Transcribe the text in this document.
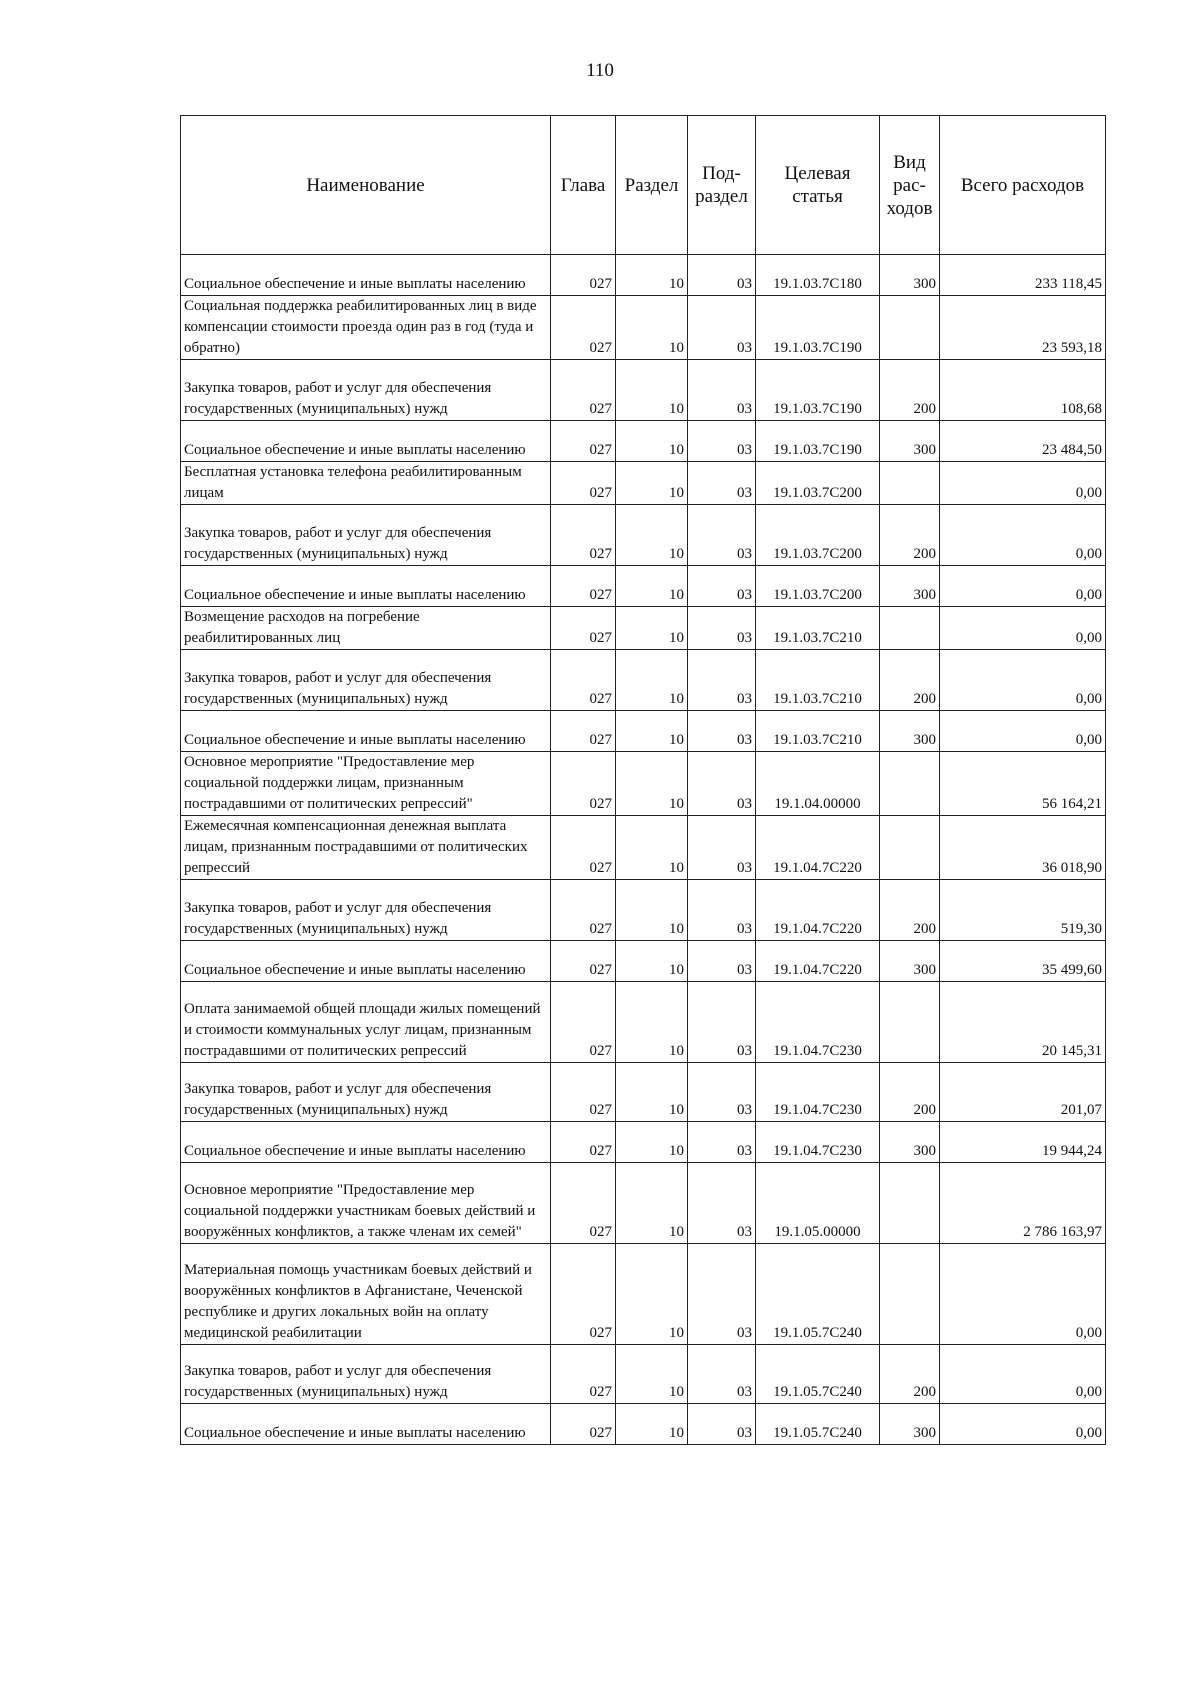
110
Наименование	Глава	Раздел	Под-раздел	Целевая статья	Вид рас-ходов	Всего расходов
Социальное обеспечение и иные выплаты населению	027	10	03	19.1.03.7С180	300	233 118,45
Социальная поддержка реабилитированных лиц в виде компенсации стоимости проезда один раз в год (туда и обратно)	027	10	03	19.1.03.7С190		23 593,18
Закупка товаров, работ и услуг для обеспечения государственных (муниципальных) нужд	027	10	03	19.1.03.7С190	200	108,68
Социальное обеспечение и иные выплаты населению	027	10	03	19.1.03.7С190	300	23 484,50
Бесплатная установка телефона реабилитированным лицам	027	10	03	19.1.03.7С200		0,00
Закупка товаров, работ и услуг для обеспечения государственных (муниципальных) нужд	027	10	03	19.1.03.7С200	200	0,00
Социальное обеспечение и иные выплаты населению	027	10	03	19.1.03.7С200	300	0,00
Возмещение расходов на погребение реабилитированных лиц	027	10	03	19.1.03.7С210		0,00
Закупка товаров, работ и услуг для обеспечения государственных (муниципальных) нужд	027	10	03	19.1.03.7С210	200	0,00
Социальное обеспечение и иные выплаты населению	027	10	03	19.1.03.7С210	300	0,00
Основное мероприятие "Предоставление мер социальной поддержки лицам, признанным пострадавшими от политических репрессий"	027	10	03	19.1.04.00000		56 164,21
Ежемесячная компенсационная денежная выплата лицам, признанным пострадавшими от политических репрессий	027	10	03	19.1.04.7С220		36 018,90
Закупка товаров, работ и услуг для обеспечения государственных (муниципальных) нужд	027	10	03	19.1.04.7С220	200	519,30
Социальное обеспечение и иные выплаты населению	027	10	03	19.1.04.7С220	300	35 499,60
Оплата занимаемой общей площади жилых помещений и стоимости коммунальных услуг лицам, признанным пострадавшими от политических репрессий	027	10	03	19.1.04.7С230		20 145,31
Закупка товаров, работ и услуг для обеспечения государственных (муниципальных) нужд	027	10	03	19.1.04.7С230	200	201,07
Социальное обеспечение и иные выплаты населению	027	10	03	19.1.04.7С230	300	19 944,24
Основное мероприятие "Предоставление мер социальной поддержки участникам боевых действий и вооружённых конфликтов, а также членам их семей"	027	10	03	19.1.05.00000		2 786 163,97
Материальная помощь участникам боевых действий и вооружённых конфликтов в Афганистане, Чеченской республике и других локальных войн на оплату медицинской реабилитации	027	10	03	19.1.05.7С240		0,00
Закупка товаров, работ и услуг для обеспечения государственных (муниципальных) нужд	027	10	03	19.1.05.7С240	200	0,00
Социальное обеспечение и иные выплаты населению	027	10	03	19.1.05.7С240	300	0,00
